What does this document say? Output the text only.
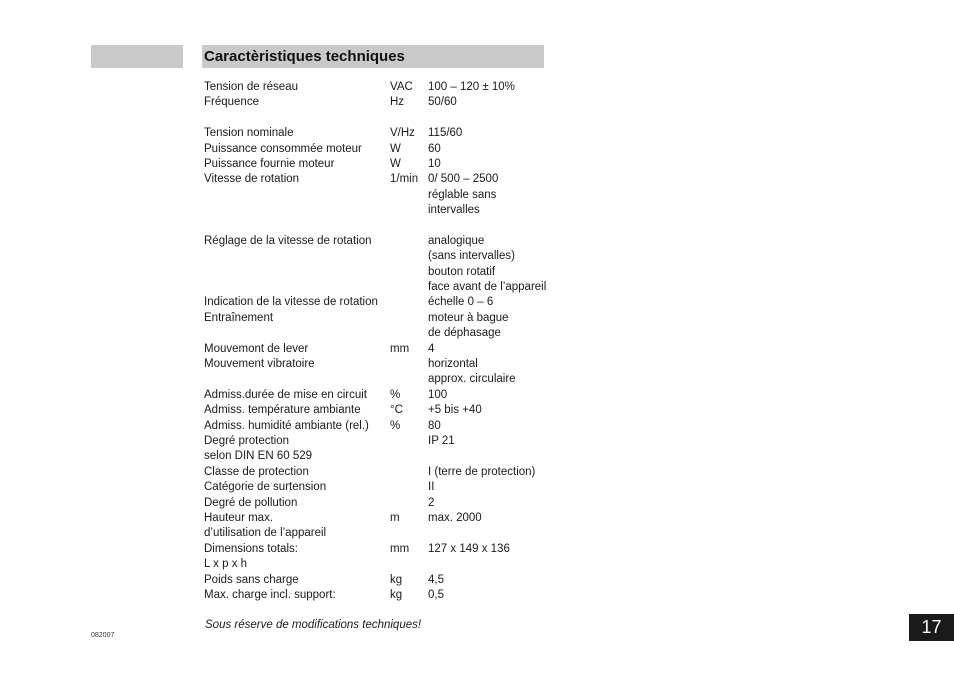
Caractèristiques techniques
Tension de réseau	VAC 100 – 120 ± 10%
Fréquence	Hz 50/60
Tension nominale	V/Hz 115/60
Puissance consommée moteur W 60
Puissance fournie moteur	W 10
Vitesse de rotation	1/min 0/ 500 – 2500
réglable sans
intervalles
Réglage de la vitesse de rotation	analogique
(sans intervalles)
bouton rotatif
face avant de l’appareil
Indication de la vitesse de rotation	échelle 0 – 6
Entraînement	moteur à bague
de déphasage
Mouvemont de lever	mm 4
Mouvement vibratoire	horizontal
approx. circulaire
Admiss.durée de mise en circuit % 100
Admiss. température ambiante	°C +5 bis +40
Admiss. humidité ambiante (rel.) % 80
Degré protection	IP 21
selon DIN EN 60 529
Classe de protection	I (terre de protection)
Catégorie de surtension	II
Degré de pollution	2
Hauteur max.	m max. 2000
d’utilisation de l’appareil
Dimensions totals:	mm 127 x 149 x 136
L x p x h
Poids sans charge	kg 4,5
Max. charge incl. support:	kg 0,5
Sous réserve de modifications techniques!
082007	17
